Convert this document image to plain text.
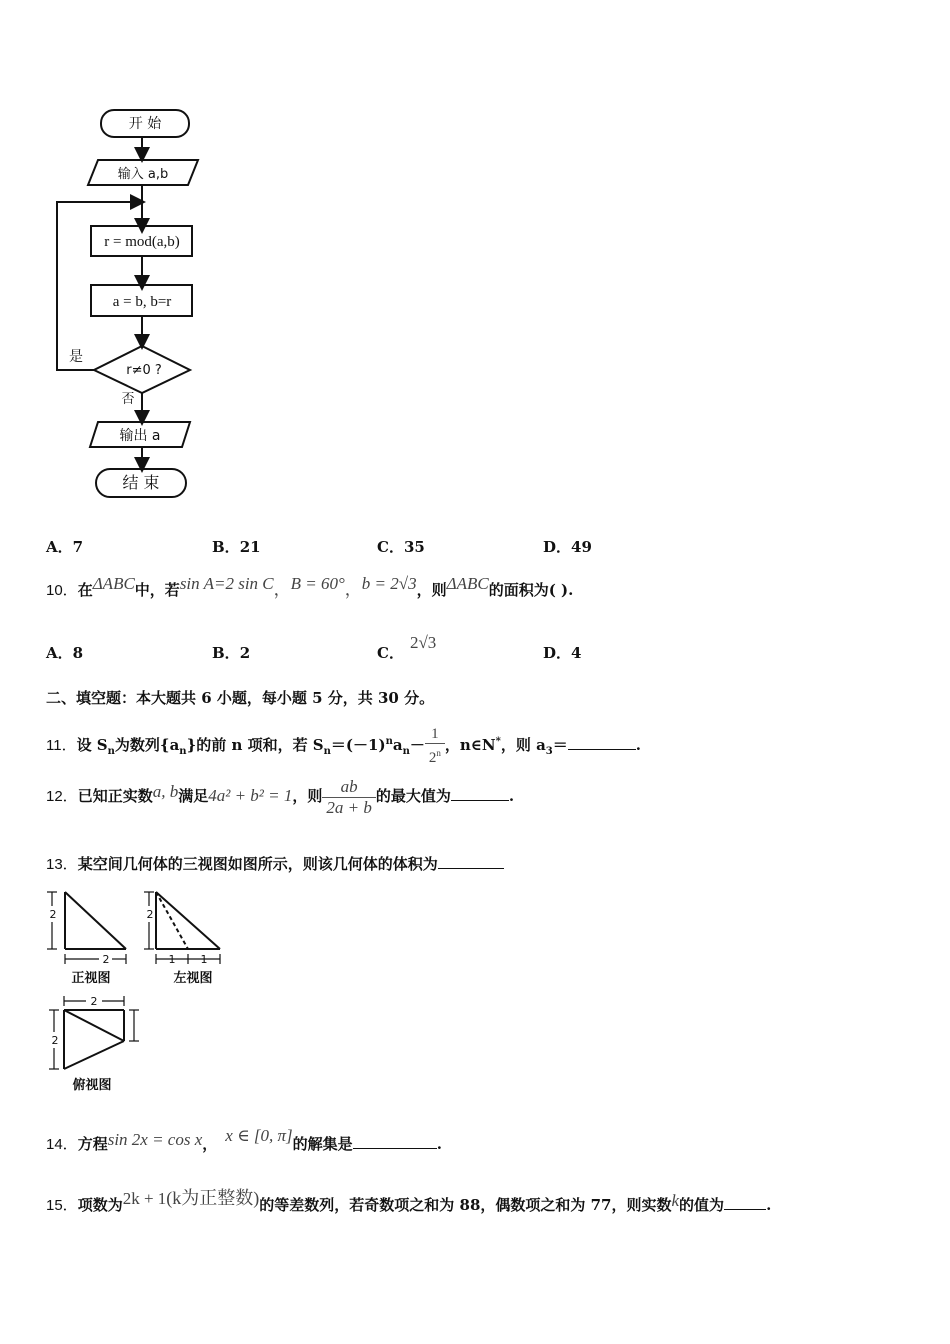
开 始
输入 a,b
r = mod(a,b)
a = b, b=r
r≠0 ?
是
否
输出 a
结 束
A．7	B．21	C．35	D．49
10．在ΔABC中，若sin A=2 sin C，B = 60°，b = 2√3，则ΔABC的面积为( ).
A．8	B．2	C．2√3
D．4
二、填空题：本大题共 6 小题，每小题 5 分，共 30 分。
11．设 $S_n$为数列$\{a_n\}$的前 n 项和，若 $S_n=(-1)^na_n- \frac{1}{2^n}$ ，n∈N*，则 $a_3=$	.
12．已知正实数a, b满足4a² + b² = 1，则 $\frac{ab}{2a + b}$ 的最大值为	.
13．某空间几何体的三视图如图所示，则该几何体的体积为
2
2
2
1 1
2
2
正视图	左视图
俯视图
14．方程sin 2x = cos x， x ∈ [0, π]的解集是	.
15．项数为2k + 1(k为正整数)的等差数列，若奇数项之和为 88，偶数项之和为 77，则实数k的值为	.
